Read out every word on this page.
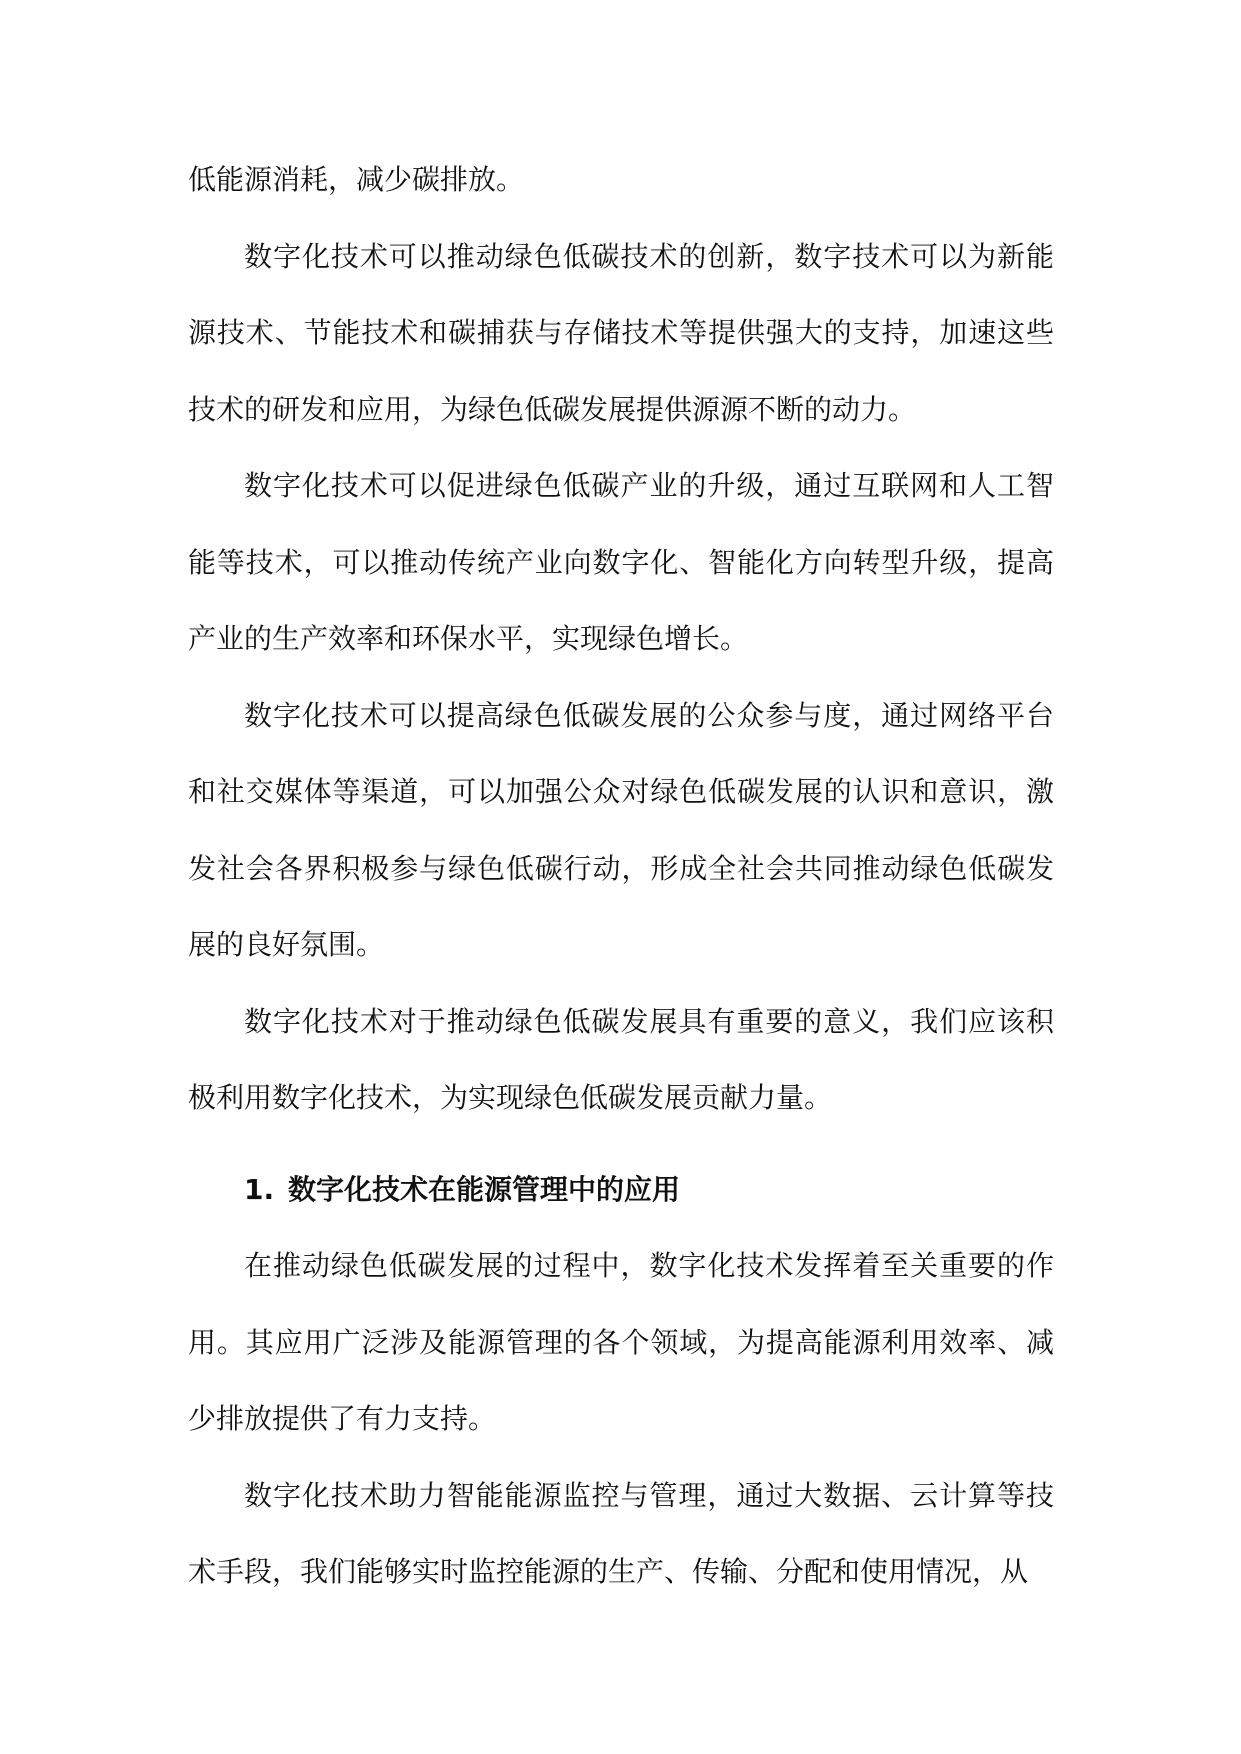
低能源消耗，减少碳排放。

数字化技术可以推动绿色低碳技术的创新，数字技术可以为新能源技术、节能技术和碳捕获与存储技术等提供强大的支持，加速这些技术的研发和应用，为绿色低碳发展提供源源不断的动力。

数字化技术可以促进绿色低碳产业的升级，通过互联网和人工智能等技术，可以推动传统产业向数字化、智能化方向转型升级，提高产业的生产效率和环保水平，实现绿色增长。

数字化技术可以提高绿色低碳发展的公众参与度，通过网络平台和社交媒体等渠道，可以加强公众对绿色低碳发展的认识和意识，激发社会各界积极参与绿色低碳行动，形成全社会共同推动绿色低碳发展的良好氛围。

数字化技术对于推动绿色低碳发展具有重要的意义，我们应该积极利用数字化技术，为实现绿色低碳发展贡献力量。

1. 数字化技术在能源管理中的应用

在推动绿色低碳发展的过程中，数字化技术发挥着至关重要的作用。其应用广泛涉及能源管理的各个领域，为提高能源利用效率、减少排放提供了有力支持。

数字化技术助力智能能源监控与管理，通过大数据、云计算等技术手段，我们能够实时监控能源的生产、传输、分配和使用情况，从
